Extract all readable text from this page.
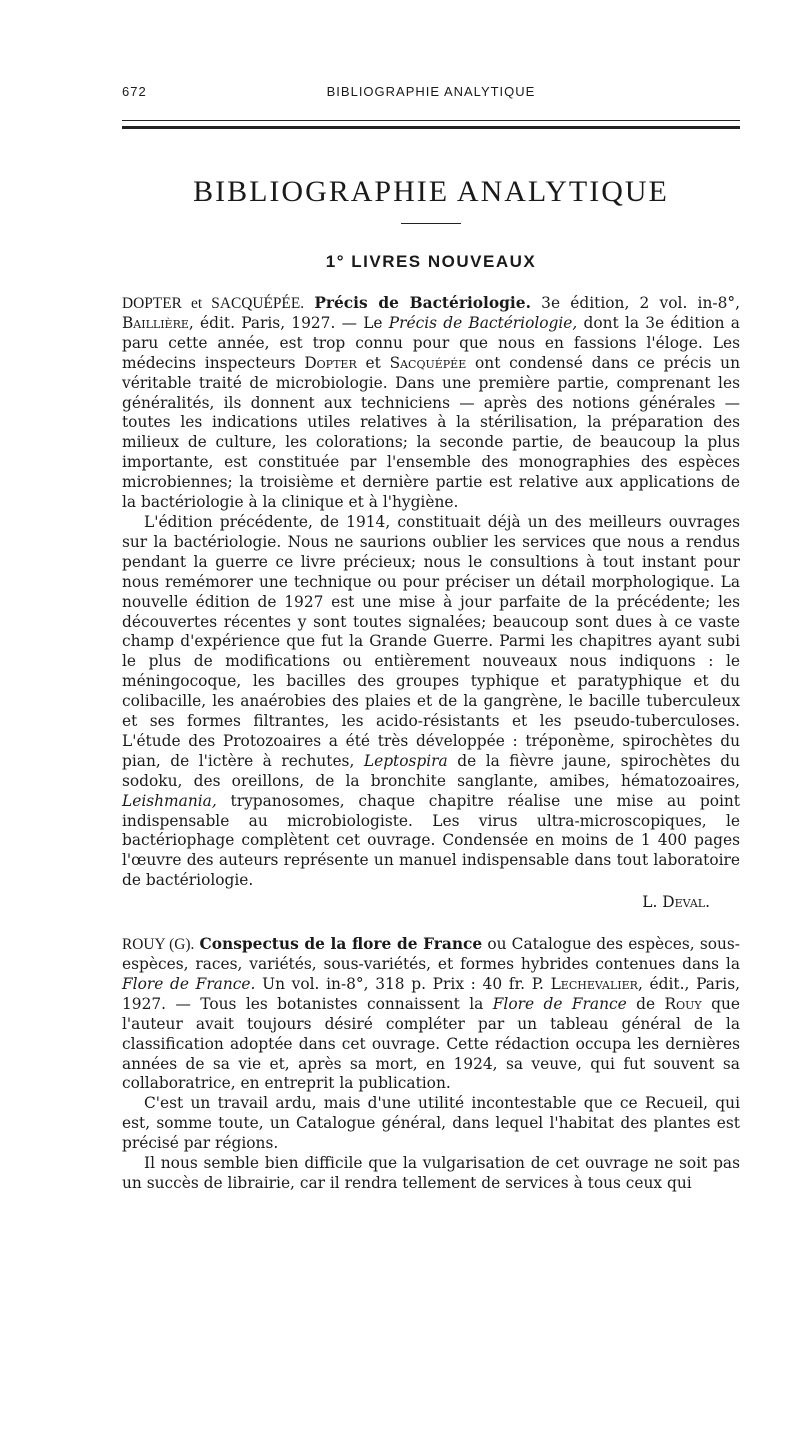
672	BIBLIOGRAPHIE ANALYTIQUE
BIBLIOGRAPHIE ANALYTIQUE
1° LIVRES NOUVEAUX

DOPTER et SACQUÉPÉE. Précis de Bactériologie. 3e édition, 2 vol. in-8°, Baillière, édit. Paris, 1927. — Le Précis de Bactériologie, dont la 3e édition a paru cette année, est trop connu pour que nous en fassions l'éloge. Les médecins inspecteurs Dopter et Sacquépée ont condensé dans ce précis un véritable traité de microbiologie. Dans une première partie, comprenant les généralités, ils donnent aux techniciens — après des notions générales — toutes les indications utiles relatives à la stérilisation, la préparation des milieux de culture, les colorations; la seconde partie, de beaucoup la plus importante, est constituée par l'ensemble des monographies des espèces microbiennes; la troisième et dernière partie est relative aux applications de la bactériologie à la clinique et à l'hygiène.

L'édition précédente, de 1914, constituait déjà un des meilleurs ouvrages sur la bactériologie. Nous ne saurions oublier les services que nous a rendus pendant la guerre ce livre précieux; nous le consultions à tout instant pour nous remémorer une technique ou pour préciser un détail morphologique. La nouvelle édition de 1927 est une mise à jour parfaite de la précédente; les découvertes récentes y sont toutes signalées; beaucoup sont dues à ce vaste champ d'expérience que fut la Grande Guerre. Parmi les chapitres ayant subi le plus de modifications ou entièrement nouveaux nous indiquons : le méningocoque, les bacilles des groupes typhique et paratyphique et du colibacille, les anaérobies des plaies et de la gangrène, le bacille tuberculeux et ses formes filtrantes, les acido-résistants et les pseudo-tuberculoses. L'étude des Protozoaires a été très développée : tréponème, spirochètes du pian, de l'ictère à rechutes, Leptospira de la fièvre jaune, spirochètes du sodoku, des oreillons, de la bronchite sanglante, amibes, hématozoaires, Leishmania, trypanosomes, chaque chapitre réalise une mise au point indispensable au microbiologiste. Les virus ultra-microscopiques, le bactériophage complètent cet ouvrage. Condensée en moins de 1 400 pages l'œuvre des auteurs représente un manuel indispensable dans tout laboratoire de bactériologie.

L. Deval.

ROUY (G). Conspectus de la flore de France ou Catalogue des espèces, sous-espèces, races, variétés, sous-variétés, et formes hybrides contenues dans la Flore de France. Un vol. in-8°, 318 p. Prix : 40 fr. P. Lechevalier, édit., Paris, 1927. — Tous les botanistes connaissent la Flore de France de Rouy que l'auteur avait toujours désiré compléter par un tableau général de la classification adoptée dans cet ouvrage. Cette rédaction occupa les dernières années de sa vie et, après sa mort, en 1924, sa veuve, qui fut souvent sa collaboratrice, en entreprit la publication.

C'est un travail ardu, mais d'une utilité incontestable que ce Recueil, qui est, somme toute, un Catalogue général, dans lequel l'habitat des plantes est précisé par régions.

Il nous semble bien difficile que la vulgarisation de cet ouvrage ne soit pas un succès de librairie, car il rendra tellement de services à tous ceux qui
